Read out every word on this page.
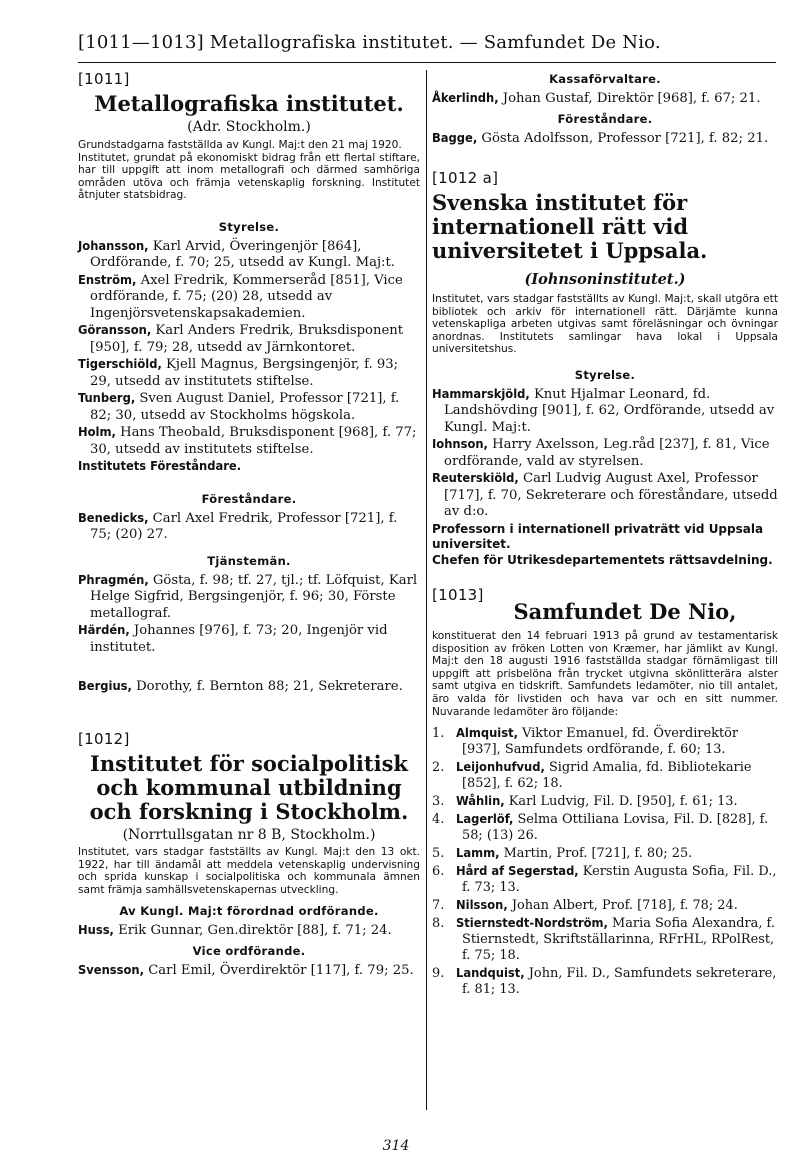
[1011—1013] Metallografiska institutet. — Samfundet De Nio.
[1011]
Metallografiska institutet.
(Adr. Stockholm.)

Grundstadgarna fastställda av Kungl. Maj:t den 21 maj 1920.

Institutet, grundat på ekonomiskt bidrag från ett flertal stiftare, har till uppgift att inom metallografi och därmed samhöriga områden utöva och främja vetenskaplig forskning. Institutet åtnjuter statsbidrag.

Styrelse.
Johansson, Karl Arvid, Överingenjör [864], Ordförande, f. 70; 25, utsedd av Kungl. Maj:t.
Enström, Axel Fredrik, Kommerseråd [851], Vice ordförande, f. 75; (20) 28, utsedd av Ingenjörsvetenskapsakademien.
Göransson, Karl Anders Fredrik, Bruksdisponent [950], f. 79; 28, utsedd av Järnkontoret.
Tigerschiöld, Kjell Magnus, Bergsingenjör, f. 93; 29, utsedd av institutets stiftelse.
Tunberg, Sven August Daniel, Professor [721], f. 82; 30, utsedd av Stockholms högskola.
Holm, Hans Theobald, Bruksdisponent [968], f. 77; 30, utsedd av institutets stiftelse.
Institutets Föreståndare.
Föreståndare.
Benedicks, Carl Axel Fredrik, Professor [721], f. 75; (20) 27.
Tjänstemän.
Phragmén, Gösta, f. 98; tf. 27, tjl.; tf. Löfquist, Karl Helge Sigfrid, Bergsingenjör, f. 96; 30, Förste metallograf.
Härdén, Johannes [976], f. 73; 20, Ingenjör vid institutet.
Bergius, Dorothy, f. Bernton 88; 21, Sekreterare.
[1012]
Institutet för socialpolitisk och kommunal utbildning och forskning i Stockholm.
(Norrtullsgatan nr 8 B, Stockholm.)

Institutet, vars stadgar fastställts av Kungl. Maj:t den 13 okt. 1922, har till ändamål att meddela vetenskaplig undervisning och sprida kunskap i socialpolitiska och kommunala ämnen samt främja samhällsvetenskapernas utveckling.

Av Kungl. Maj:t förordnad ordförande.
Huss, Erik Gunnar, Gen.direktör [88], f. 71; 24.
Vice ordförande.
Svensson, Carl Emil, Överdirektör [117], f. 79; 25.
Kassaförvaltare.
Åkerlindh, Johan Gustaf, Direktör [968], f. 67; 21.
Föreståndare.
Bagge, Gösta Adolfsson, Professor [721], f. 82; 21.
[1012 a]
Svenska institutet för internationell rätt vid universitetet i Uppsala.
(Iohnsoninstitutet.)

Institutet, vars stadgar fastställts av Kungl. Maj:t, skall utgöra ett bibliotek och arkiv för internationell rätt. Därjämte kunna vetenskapliga arbeten utgivas samt föreläsningar och övningar anordnas. Institutets samlingar hava lokal i Uppsala universitetshus.

Styrelse.
Hammarskjöld, Knut Hjalmar Leonard, fd. Landshövding [901], f. 62, Ordförande, utsedd av Kungl. Maj:t.
Iohnson, Harry Axelsson, Leg.råd [237], f. 81, Vice ordförande, vald av styrelsen.
Reuterskiöld, Carl Ludvig August Axel, Professor [717], f. 70, Sekreterare och föreståndare, utsedd av d:o.
Professorn i internationell privaträtt vid Uppsala universitet.
Chefen för Utrikesdepartementets rättsavdelning.
[1013]
Samfundet De Nio,

konstituerat den 14 februari 1913 på grund av testamentarisk disposition av fröken Lotten von Kræmer, har jämlikt av Kungl. Maj:t den 18 augusti 1916 fastställda stadgar förnämligast till uppgift att prisbelöna från trycket utgivna skönlitterära alster samt utgiva en tidskrift. Samfundets ledamöter, nio till antalet, äro valda för livstiden och hava var och en sitt nummer. Nuvarande ledamöter äro följande:

1. Almquist, Viktor Emanuel, fd. Överdirektör [937], Samfundets ordförande, f. 60; 13.
2. Leijonhufvud, Sigrid Amalia, fd. Bibliotekarie [852], f. 62; 18.
3. Wåhlin, Karl Ludvig, Fil. D. [950], f. 61; 13.
4. Lagerlöf, Selma Ottiliana Lovisa, Fil. D. [828], f. 58; (13) 26.
5. Lamm, Martin, Prof. [721], f. 80; 25.
6. Hård af Segerstad, Kerstin Augusta Sofia, Fil. D., f. 73; 13.
7. Nilsson, Johan Albert, Prof. [718], f. 78; 24.
8. Stiernstedt-Nordström, Maria Sofia Alexandra, f. Stiernstedt, Skriftställarinna, RFrHL, RPolRest, f. 75; 18.
9. Landquist, John, Fil. D., Samfundets sekreterare, f. 81; 13.
314
